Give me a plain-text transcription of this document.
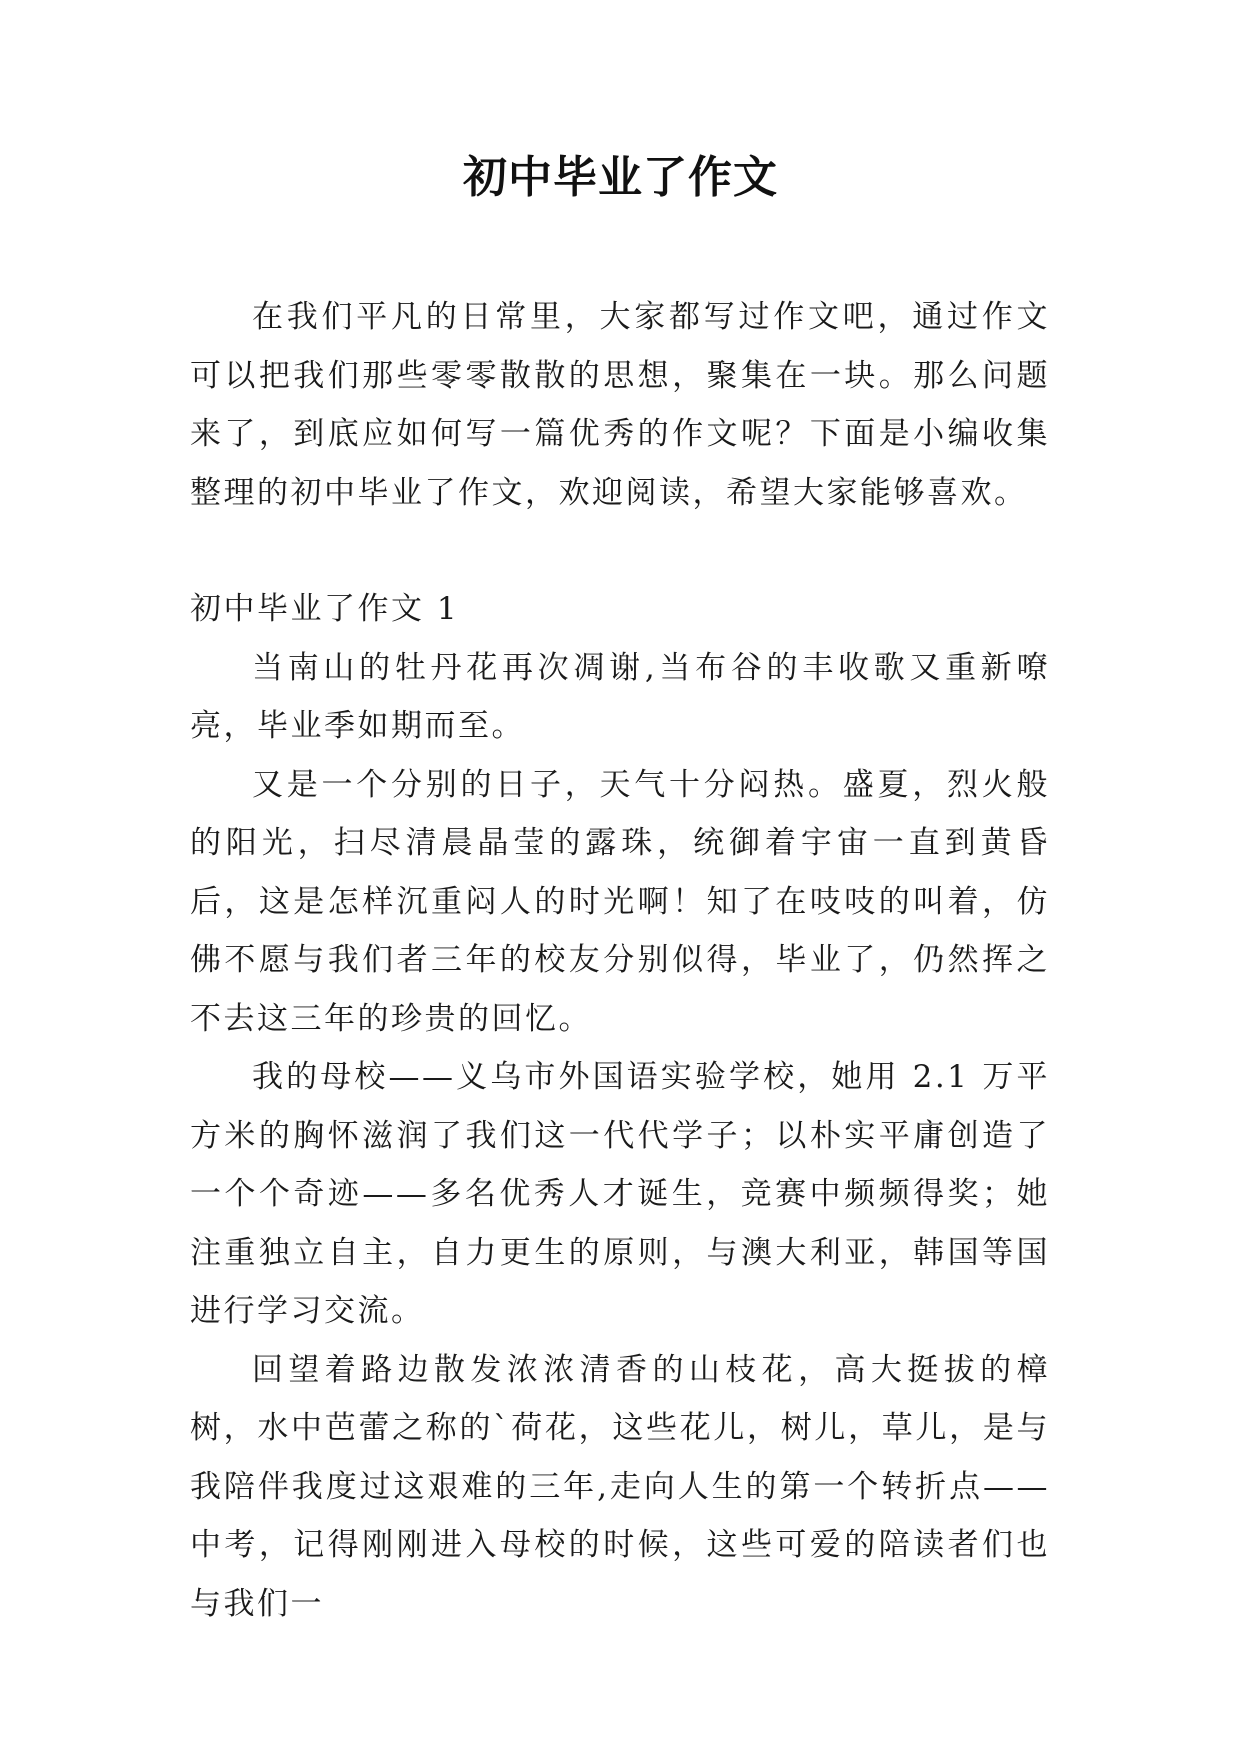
初中毕业了作文

在我们平凡的日常里，大家都写过作文吧，通过作文可以把我们那些零零散散的思想，聚集在一块。那么问题来了，到底应如何写一篇优秀的作文呢？下面是小编收集整理的初中毕业了作文，欢迎阅读，希望大家能够喜欢。

初中毕业了作文 1

当南山的牡丹花再次凋谢,当布谷的丰收歌又重新嘹亮，毕业季如期而至。

又是一个分别的日子，天气十分闷热。盛夏，烈火般的阳光，扫尽清晨晶莹的露珠，统御着宇宙一直到黄昏后，这是怎样沉重闷人的时光啊！知了在吱吱的叫着，仿佛不愿与我们者三年的校友分别似得，毕业了，仍然挥之不去这三年的珍贵的回忆。

我的母校——义乌市外国语实验学校，她用 2.1 万平方米的胸怀滋润了我们这一代代学子；以朴实平庸创造了一个个奇迹——多名优秀人才诞生，竞赛中频频得奖；她注重独立自主，自力更生的原则，与澳大利亚，韩国等国进行学习交流。

回望着路边散发浓浓清香的山枝花，高大挺拔的樟树，水中芭蕾之称的`荷花，这些花儿，树儿，草儿，是与我陪伴我度过这艰难的三年,走向人生的第一个转折点——中考，记得刚刚进入母校的时候，这些可爱的陪读者们也与我们一
